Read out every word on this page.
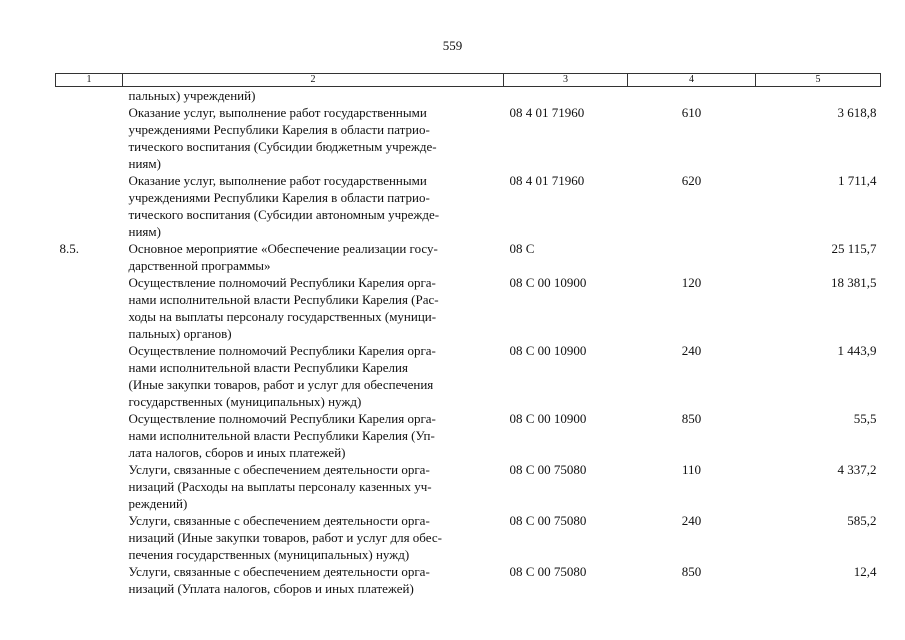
559
1	2	3	4	5

	пальных) учреждений)			

	Оказание услуг, выполнение работ государственными
учреждениями Республики Карелия в области патрио-
тического воспитания (Субсидии бюджетным учрежде-
ниям)	08 4 01 71960	610	3 618,8

	Оказание услуг, выполнение работ государственными
учреждениями Республики Карелия в области патрио-
тического воспитания (Субсидии автономным учрежде-
ниям)	08 4 01 71960	620	1 711,4
8.5.	Основное мероприятие «Обеспечение реализации госу-
дарственной программы»	08 С		25 115,7

	Осуществление полномочий Республики Карелия орга-
нами исполнительной власти Республики Карелия (Рас-
ходы на выплаты персоналу государственных (муници-
пальных) органов)	08 С 00 10900	120	18 381,5

	Осуществление полномочий Республики Карелия орга-
нами исполнительной власти Республики Карелия
(Иные закупки товаров, работ и услуг для обеспечения
государственных (муниципальных) нужд)	08 С 00 10900	240	1 443,9

	Осуществление полномочий Республики Карелия орга-
нами исполнительной власти Республики Карелия (Уп-
лата налогов, сборов и иных платежей)	08 С 00 10900	850	55,5

	Услуги, связанные с обеспечением деятельности орга-
низаций (Расходы на выплаты персоналу казенных уч-
реждений)	08 С 00 75080	110	4 337,2

	Услуги, связанные с обеспечением деятельности орга-
низаций (Иные закупки товаров, работ и услуг для обес-
печения государственных (муниципальных) нужд)	08 С 00 75080	240	585,2

	Услуги, связанные с обеспечением деятельности орга-
низаций (Уплата налогов, сборов и иных платежей)	08 С 00 75080	850	12,4
